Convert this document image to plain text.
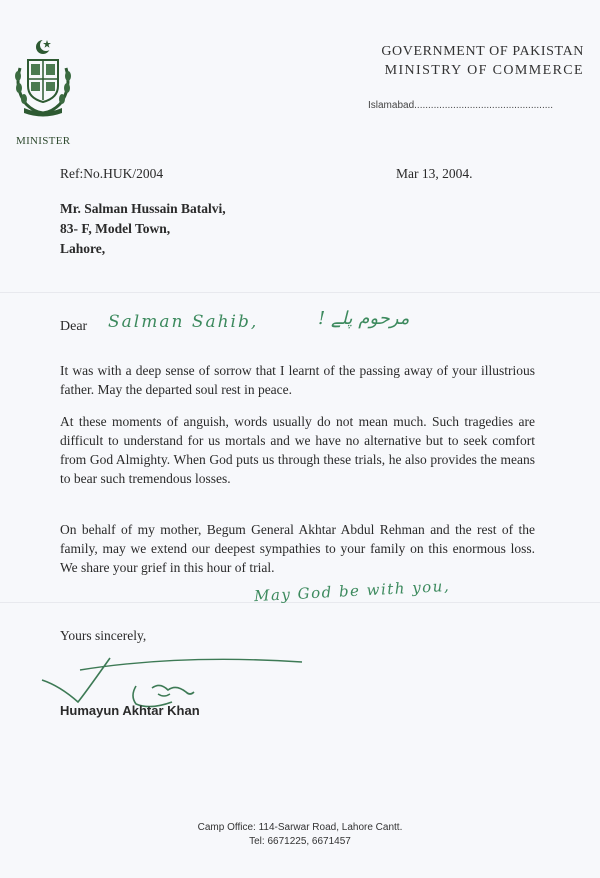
MINISTER
GOVERNMENT OF PAKISTAN
MINISTRY OF COMMERCE
Islamabad..................................................
Ref:No.HUK/2004	Mar 13, 2004.
Mr. Salman Hussain Batalvi,
83- F, Model Town,
Lahore,
Dear Salman Sahib,	مرحوم پلے !

It was with a deep sense of sorrow that I learnt of the passing away of your illustrious father. May the departed soul rest in peace.

At these moments of anguish, words usually do not mean much. Such tragedies are difficult to understand for us mortals and we have no alternative but to seek comfort from God Almighty. When God puts us through these trials, he also provides the means to bear such tremendous losses.

On behalf of my mother, Begum General Akhtar Abdul Rehman and the rest of the family, may we extend our deepest sympathies to your family on this enormous loss. We share your grief in this hour of trial.

May God be with you,
Yours sincerely,
Humayun Akhtar Khan
Camp Office: 114-Sarwar Road, Lahore Cantt.
Tel: 6671225, 6671457
